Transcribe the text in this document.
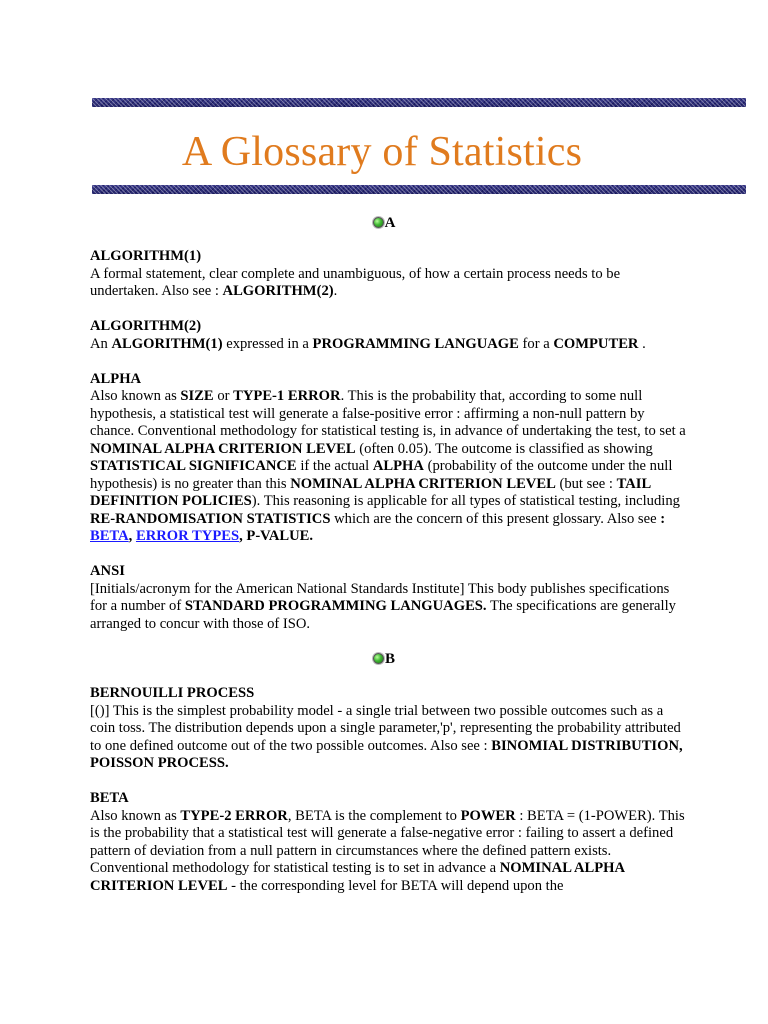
A Glossary of Statistics
A

ALGORITHM(1)
A formal statement, clear complete and unambiguous, of how a certain process needs to be undertaken. Also see : ALGORITHM(2).

ALGORITHM(2)
An ALGORITHM(1) expressed in a PROGRAMMING LANGUAGE for a COMPUTER .

ALPHA
Also known as SIZE or TYPE-1 ERROR. This is the probability that, according to some null hypothesis, a statistical test will generate a false-positive error : affirming a non-null pattern by chance. Conventional methodology for statistical testing is, in advance of undertaking the test, to set a NOMINAL ALPHA CRITERION LEVEL (often 0.05). The outcome is classified as showing STATISTICAL SIGNIFICANCE if the actual ALPHA (probability of the outcome under the null hypothesis) is no greater than this NOMINAL ALPHA CRITERION LEVEL (but see : TAIL DEFINITION POLICIES). This reasoning is applicable for all types of statistical testing, including RE-RANDOMISATION STATISTICS which are the concern of this present glossary. Also see : BETA, ERROR TYPES, P-VALUE.

ANSI
[Initials/acronym for the American National Standards Institute] This body publishes specifications for a number of STANDARD PROGRAMMING LANGUAGES. The specifications are generally arranged to concur with those of ISO.

B

BERNOUILLI PROCESS
[()] This is the simplest probability model - a single trial between two possible outcomes such as a coin toss. The distribution depends upon a single parameter,'p', representing the probability attributed to one defined outcome out of the two possible outcomes. Also see : BINOMIAL DISTRIBUTION, POISSON PROCESS.

BETA
Also known as TYPE-2 ERROR, BETA is the complement to POWER : BETA = (1-POWER). This is the probability that a statistical test will generate a false-negative error : failing to assert a defined pattern of deviation from a null pattern in circumstances where the defined pattern exists. Conventional methodology for statistical testing is to set in advance a NOMINAL ALPHA CRITERION LEVEL - the corresponding level for BETA will depend upon the
